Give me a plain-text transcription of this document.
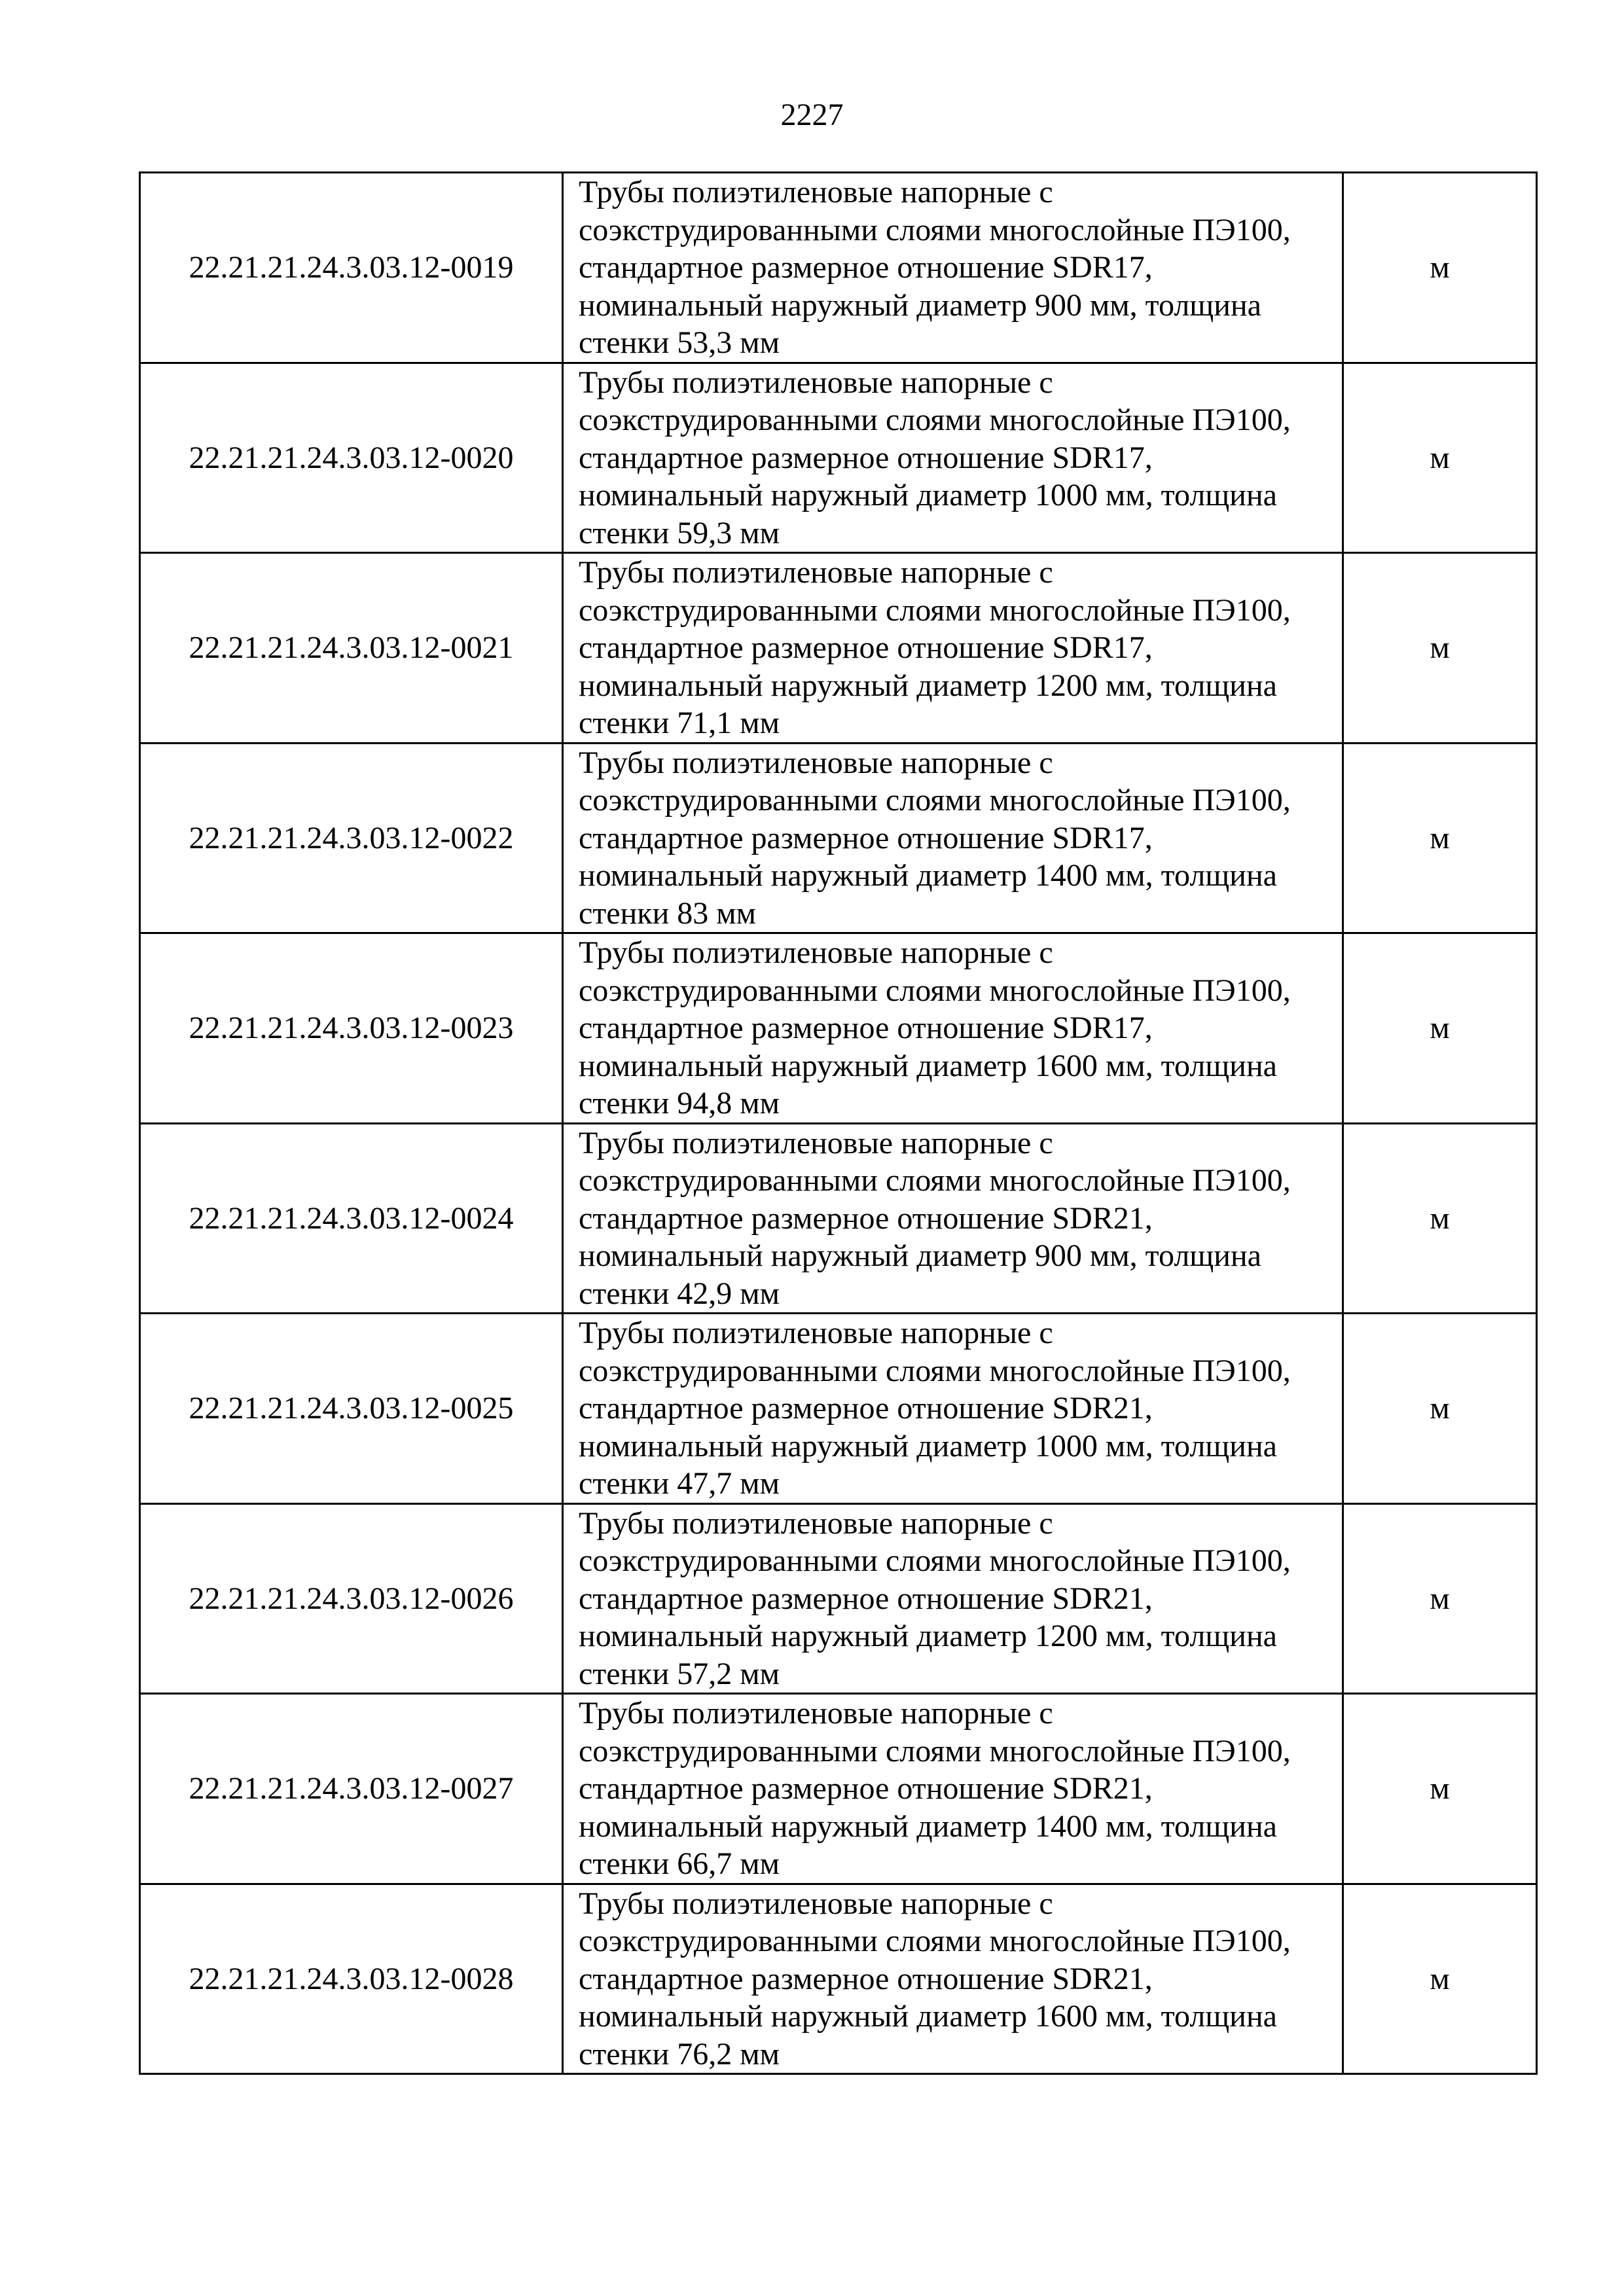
2227
22.21.21.24.3.03.12-0019	Трубы полиэтиленовые напорные с
соэкструдированными слоями многослойные ПЭ100,
стандартное размерное отношение SDR17,
номинальный наружный диаметр 900 мм, толщина
стенки 53,3 мм	м
22.21.21.24.3.03.12-0020	Трубы полиэтиленовые напорные с
соэкструдированными слоями многослойные ПЭ100,
стандартное размерное отношение SDR17,
номинальный наружный диаметр 1000 мм, толщина
стенки 59,3 мм	м
22.21.21.24.3.03.12-0021	Трубы полиэтиленовые напорные с
соэкструдированными слоями многослойные ПЭ100,
стандартное размерное отношение SDR17,
номинальный наружный диаметр 1200 мм, толщина
стенки 71,1 мм	м
22.21.21.24.3.03.12-0022	Трубы полиэтиленовые напорные с
соэкструдированными слоями многослойные ПЭ100,
стандартное размерное отношение SDR17,
номинальный наружный диаметр 1400 мм, толщина
стенки 83 мм	м
22.21.21.24.3.03.12-0023	Трубы полиэтиленовые напорные с
соэкструдированными слоями многослойные ПЭ100,
стандартное размерное отношение SDR17,
номинальный наружный диаметр 1600 мм, толщина
стенки 94,8 мм	м
22.21.21.24.3.03.12-0024	Трубы полиэтиленовые напорные с
соэкструдированными слоями многослойные ПЭ100,
стандартное размерное отношение SDR21,
номинальный наружный диаметр 900 мм, толщина
стенки 42,9 мм	м
22.21.21.24.3.03.12-0025	Трубы полиэтиленовые напорные с
соэкструдированными слоями многослойные ПЭ100,
стандартное размерное отношение SDR21,
номинальный наружный диаметр 1000 мм, толщина
стенки 47,7 мм	м
22.21.21.24.3.03.12-0026	Трубы полиэтиленовые напорные с
соэкструдированными слоями многослойные ПЭ100,
стандартное размерное отношение SDR21,
номинальный наружный диаметр 1200 мм, толщина
стенки 57,2 мм	м
22.21.21.24.3.03.12-0027	Трубы полиэтиленовые напорные с
соэкструдированными слоями многослойные ПЭ100,
стандартное размерное отношение SDR21,
номинальный наружный диаметр 1400 мм, толщина
стенки 66,7 мм	м
22.21.21.24.3.03.12-0028	Трубы полиэтиленовые напорные с
соэкструдированными слоями многослойные ПЭ100,
стандартное размерное отношение SDR21,
номинальный наружный диаметр 1600 мм, толщина
стенки 76,2 мм	м
